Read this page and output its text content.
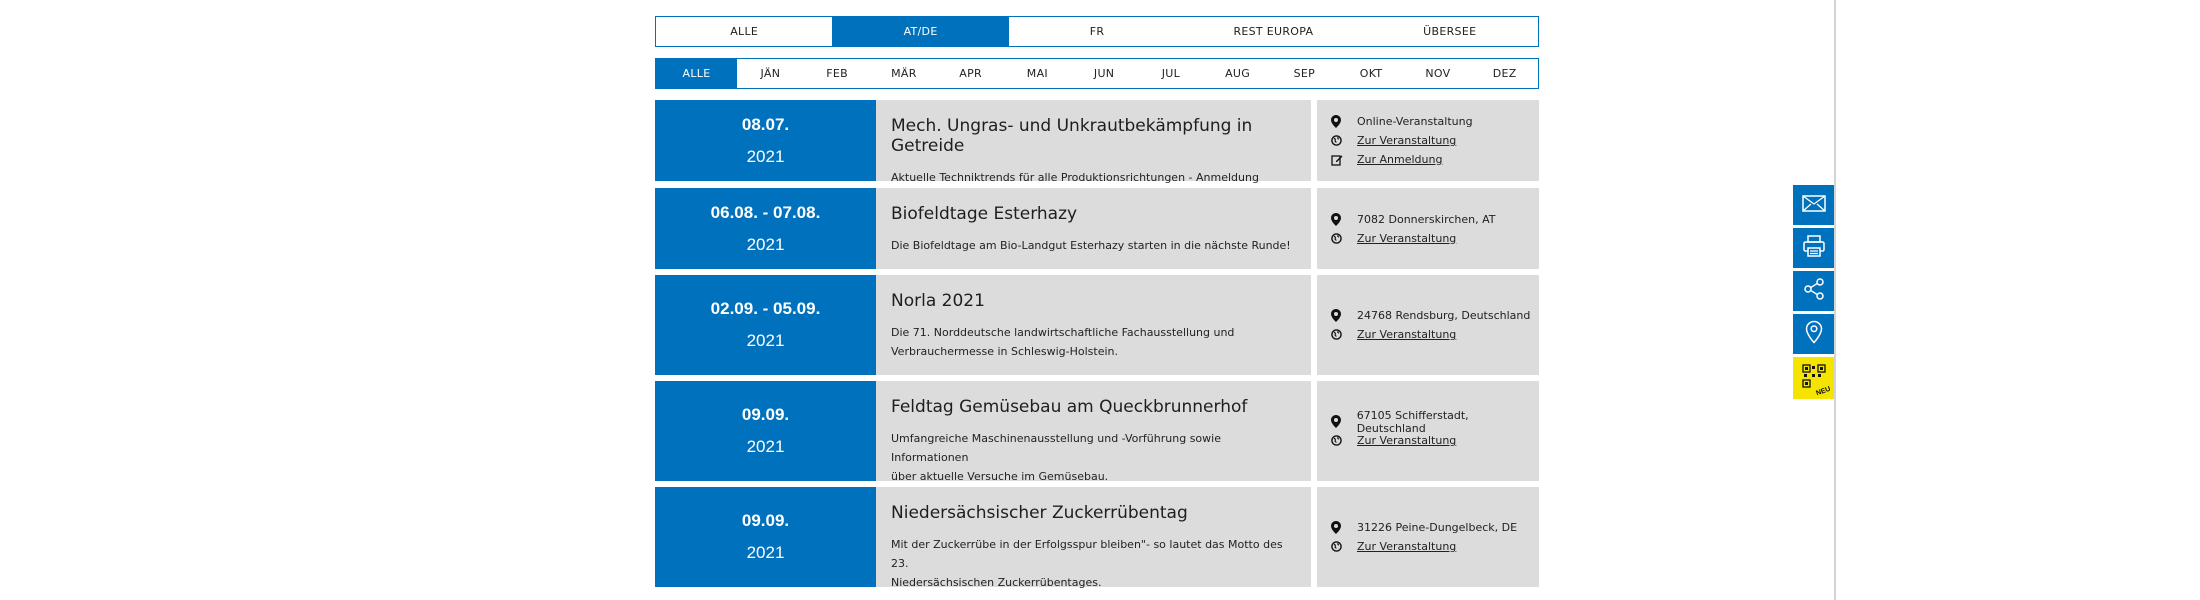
ALLE	AT/DE	FR	REST EUROPA	ÜBERSEE
ALLE	JÄN	FEB	MÄR	APR	MAI	JUN	JUL	AUG	SEP	OKT	NOV	DEZ
08.07.
2021
Mech. Ungras- und Unkrautbekämpfung in Getreide
Aktuelle Techniktrends für alle Produktionsrichtungen - Anmeldung
Online-Veranstaltung
Zur Veranstaltung
Zur Anmeldung
06.08. - 07.08.
2021
Biofeldtage Esterhazy
Die Biofeldtage am Bio-Landgut Esterhazy starten in die nächste Runde!
7082 Donnerskirchen, AT
Zur Veranstaltung
02.09. - 05.09.
2021
Norla 2021
Die 71. Norddeutsche landwirtschaftliche Fachausstellung und
Verbrauchermesse in Schleswig-Holstein.
24768 Rendsburg, Deutschland
Zur Veranstaltung
09.09.
2021
Feldtag Gemüsebau am Queckbrunnerhof
Umfangreiche Maschinenausstellung und -Vorführung sowie Informationen
über aktuelle Versuche im Gemüsebau.
67105 Schifferstadt, Deutschland
Zur Veranstaltung
09.09.
2021
Niedersächsischer Zuckerrübentag
Mit der Zuckerrübe in der Erfolgsspur bleiben"- so lautet das Motto des 23.
Niedersächsischen Zuckerrübentages.
31226 Peine-Dungelbeck, DE
Zur Veranstaltung
NEU
